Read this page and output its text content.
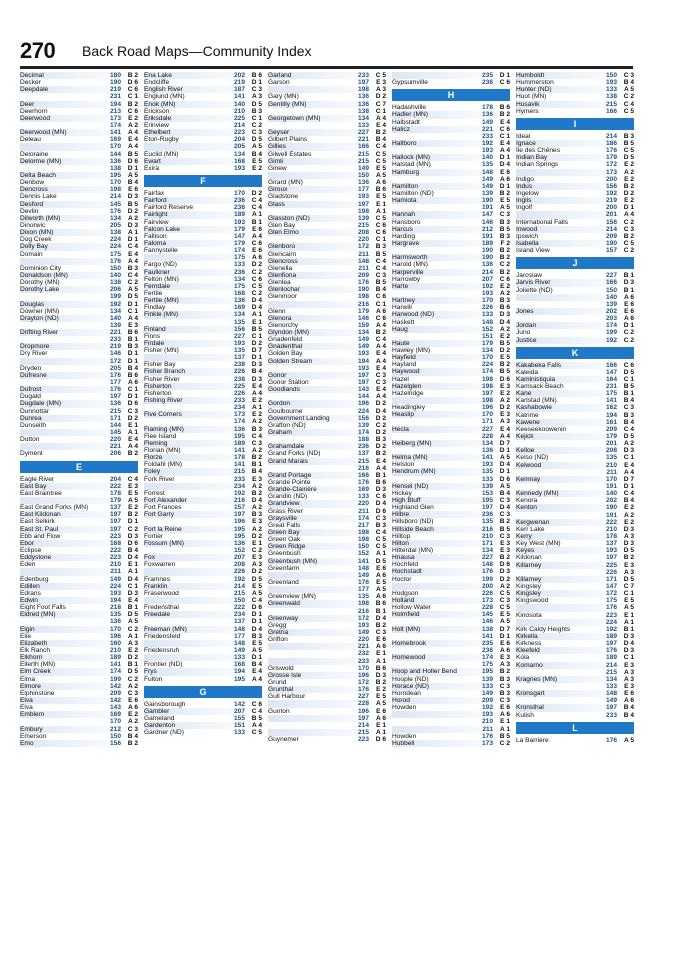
270 Back Road Maps—Community Index
Decimal	180	B 2
Decker	190	D 6
Deepdale	219	C 6
231	C 1
Deer	194	B 2
Deerhorn	213	C 6
Deerwood	173	E 2
174	A 2
Deerwood (MN)	141	A 4
Deleau	169	E 4
170	A 4
Deloraine	144	B 5
Delorme (MN)	136	D 6
138	D 1
Delta Beach	195	A 5
Denbow	170	B 4
Dencross	198	E 6
Dennis Lake	214	D 3
Desford	145	B 5
Devlin	176	D 2
Dilworth (MN)	134	A 2
Dinorwic	205	D 3
Dixon (MN)	138	A 1
Dog Creek	224	D 1
Dolly Bay	224	C 4
Domain	175	E 4
176	A 4
Dominion City	150	B 3
Donaldson (MN)	140	C 4
Dorothy (MN)	138	C 2
Dorothy Lake	206	A 5
199	D 5
Douglas	192	D 1
Downer (MN)	134	C 1
Drayton (ND)	140	A 4
139	E 3
Drifting River	221	B 6
233	B 1
Dropmore	219	B 3
Dry River	146	D 1
172	D 1
Dryden	205	B 4
Dufresne	176	B 6
177	A 6
Dufrost	176	C 1
Dugald	197	D 1
Dugdale (MN)	136	D 6
Dunnottar	215	C 3
Dunrea	171	D 2
Dunseith	144	E 1
145	A 1
Dutton	220	E 4
221	A 4
Dyment	206	B 2
E
Eagle River	204	C 4
East Bay	222	E 3
East Braintree	178	E 5
179	A 5
East Grand Forks (MN)	137	E 2
East Kildonan	197	B 2
East Selkirk	197	D 1
East St. Paul	197	C 2
Ebb and Flow	223	D 3
Ebor	168	D 6
Eclipse	222	B 4
Eddystone	223	D 4
Eden	210	E 1
211	A 1
Edenburg	149	D 4
Edillen	224	C 1
Edrans	193	D 3
Edwin	194	E 4
Eight Foot Falls	218	B 1
Eldred (MN)	135	D 5
136	A 5
Elgin	170	C 2
Elie	196	A 1
Elizabeth	160	A 3
Elk Ranch	210	E 2
Elkhorn	189	D 2
Ellerth (MN)	141	B 1
Elm Creek	174	D 5
Elma	199	C 2
Elmore	142	A 2
Elphinstone	209	C 3
Elva	142	E 6
Elva	143	A 6
Emblem	169	E 2
170	A 2
Embury	212	C 3
Emerson	150	B 4
Emo	156	B 2
Ena Lake	202	B 6
Endcliffe	219	D 1
English River	187	C 3
Englund (MN)	141	A 3
Enok (MN)	140	D 5
Erickson	210	B 3
Eriksdale	225	C 1
Erinview	214	C 2
Ethelbert	223	C 3
Eton-Rugby	204	D 5
205	A 5
Euclid (MN)	134	B 4
Ewart	168	E 5
Exira	193	E 2
F
Fairfax	170	D 2
Fairford	236	C 4
Fairford Reserve	236	C 4
Fairlight	189	A 1
Fairview	193	B 1
Falcon Lake	179	E 6
Fallison	147	A 4
Faloma	179	C 6
Fannystelle	174	E 6
175	A 6
Fargo (ND)	133	D 2
Faulkner	236	C 2
Felton (MN)	134	C 6
Ferndale	175	C 5
Fertile	168	C 2
Fertile (MN)	136	D 4
Findlay	169	D 4
Finkle (MN)	134	A 1
135	E 1
Finland	156	B 5
Finns	227	C 1
Firdale	193	D 2
Fisher (MN)	135	D 7
137	D 1
Fisher Bay	238	D 3
Fisher Branch	226	B 4
Fisher River	238	D 3
Fisherton	225	E 4
Fisherton	226	A 4
Fishing River	233	E 2
234	A 1
Five Corners	173	E 2
174	A 2
Flaming (MN)	136	B 3
Flee Island	195	C 4
Fleming	189	C 3
Florian (MN)	141	A 2
Florze	178	B 2
Foldahl (MN)	141	B 1
Foley	215	B 4
Fork River	233	E 3
234	A 2
Forrest	192	B 2
Fort Alexander	216	D 4
Fort Frances	157	A 2
Fort Garry	197	B 3
196	E 3
Fort la Reine	195	A 2
Fortier	195	D 2
Fossum (MN)	136	E 1
152	C 2
Fox	207	E 3
Foxwarren	208	A 3
226	D 2
Framnes	192	D 5
Franklin	214	E 5
Fraserwood	215	A 5
150	C 4
Fredensthal	222	D 6
Freedale	234	D 1
137	D 1
Freeman (MN)	148	D 4
Friedensfeld	177	B 3
148	E 5
Friedensruh	149	A 5
133	D 1
Frontier (ND)	168	B 4
Frys	194	E 4
Fulton	195	A 4
G
Gainsborough	142	C 6
Gambler	207	C 4
Gameland	155	B 5
Gardenton	151	A 4
Gardner (ND)	133	C 5
Garland	233	C 5
Garson	197	E 3
198	A 3
Gary (MN)	136	D 2
Gentilly (MN)	136	C 7
138	C 1
Georgetown (MN)	134	A 4
133	E 4
Geyser	227	B 2
Gilbert Plains	221	B 4
Gillies	166	C 4
Gilwell Estates	215	C 5
Gimli	215	C 5
Ginew	149	E 5
150	A 5
Girard (MN)	136	A 6
Giroux	177	B 6
Gladstone	193	E 5
Glass	197	E 1
198	A 1
Glasston (ND)	139	C 5
Glen Bay	215	C 6
Glen Elmo	208	C 6
220	C 1
Glenboro	172	B 3
Glencairn	211	B 5
Glencross	148	C 4
Glenella	211	C 4
Glenfiona	209	C 3
Glenlea	176	B 5
Glenlochar	190	B 4
Glenmoor	198	C 6
216	C 1
Glenn	179	A 6
Glenora	146	C 6
Glenorchy	159	A 4
Glyndon (MN)	134	B 2
Gnadenfeld	149	C 4
Gnadenthal	149	A 4
Golden Bay	193	E 4
Golden Stream	194	A 4
193	E 4
Gonor	197	C 3
Gonor Station	197	C 3
Goodlands	143	E 4
144	A 4
Gordon	196	D 2
Goulbourne	224	D 4
Government Landing	156	D 2
Grafton (ND)	139	C 2
Graham	174	D 2
188	B 3
Grahamdale	236	D 2
Grand Forks (ND)	137	B 2
Grand Marais	215	E 4
216	A 4
Grand Portage	166	B 1
Grande Pointe	176	B 6
Grande-Clairière	169	D 3
Grandin (ND)	133	C 6
Grandview	220	D 4
Grass River	211	D 6
Graysville	174	C 3
Great Falls	217	B 3
Green Bay	198	C 4
Green Oak	198	C 5
Green Ridge	150	C 5
Greenbush	152	A 1
Greenbush (MN)	141	D 5
Greenfarm	148	E 6
149	A 6
Greenland	176	E 5
177	A 5
Greenview (MN)	135	A 6
Greenwald	198	B 6
216	B 1
Greenway	172	D 4
Gregg	193	B 2
Gretna	149	C 3
Grifton	220	E 6
221	A 6
232	E 1
233	A 1
Griswold	170	B 6
Grosse Isle	196	D 3
Grund	172	B 2
Grunthal	176	E 2
Gull Harbour	227	E 5
228	A 5
Gunton	196	E 6
197	A 6
214	E 1
215	A 1
Guynemer	223	D 6
235	D 1
Gypsumville	236	C 6
H
Hadashville	178	B 6
Hadler (MN)	136	B 2
Halbstadt	149	E 4
Halicz	221	C 6
233	C 1
Hallboro	192	E 4
193	A 4
Hallock (MN)	140	D 1
Halstad (MN)	135	D 4
Hamburg	148	E 6
149	A 6
Hamilton	149	D 1
Hamilton (ND)	139	B 2
Hamiota	190	E 5
191	A 5
Hannah	147	C 3
Hansboro	146	B 3
Harcus	212	B 5
Harding	191	B 3
Hargrave	189	F 2
190	B 2
Harmsworth	190	B 2
Harold (MN)	136	C 2
Harperville	214	B 2
Harrowby	207	C 6
Harte	192	E 2
193	A 2
Hartney	170	B 3
Harwill	226	B 6
Harwood (ND)	133	D 3
Haskett	148	D 4
Haug	152	A 2
151	E 2
Haute	179	B 5
Hawley (MN)	134	D 2
Hayfield	170	E 5
Hayland	224	B 2
Haywood	174	B 5
Hazel	198	D 6
Hazelglen	198	E 3
Hazelridge	197	E 2
198	A 2
Headingley	196	D 2
Heaslip	170	E 3
171	A 3
Hecla	227	E 4
228	A 4
Heiberg (MN)	134	D 7
136	D 1
Helma (MN)	141	A 5
Helston	193	D 4
Hendrum (MN)	135	D 1
133	D 6
Hensel (ND)	139	A 5
Hickey	153	B 4
High Bluff	195	C 3
Highland Glen	197	D 4
Hilbre	236	C 3
Hillsboro (ND)	135	B 2
Hillside Beach	216	B 5
Hilltop	210	C 3
Hilton	171	E 3
Hitterdal (MN)	134	E 3
Hnausa	227	B 2
Hochfeld	148	D 6
Hochstadt	176	D 3
Hoctor	199	D 2
200	A 2
Hodgson	226	C 5
Holland	173	C 3
Hollow Water	228	C 5
Holmfield	145	E 5
146	A 5
Holt (MN)	138	D 7
141	D 1
Homebrook	235	E 6
236	A 6
Homewood	174	E 3
175	A 3
Hoop and Holler Bend	195	B 2
Hoople (ND)	139	B 3
Horace (ND)	133	C 3
Horndean	149	B 3
Horod	209	C 3
Howden	192	E 6
193	A 6
210	E 1
211	A 1
Howden	176	B 5
Hubbell	173	C 2
Humboldt	150	C 3
Hummerston	193	B 4
Hunter (ND)	133	A 5
Huot (MN)	138	C 2
Husavik	215	C 4
Hymers	166	C 5
I
Ideal	214	B 3
Ignace	186	B 5
Île des Chênes	176	C 5
Indian Bay	179	D 5
Indian Springs	172	E 2
173	A 2
Indigo	200	E 2
Indus	156	B 2
Ingelow	192	D 2
Inglis	219	E 2
Ingolf	200	D 1
201	A 4
International Falls	156	C 2
Inwood	214	C 3
Ipswich	209	B 2
Isabella	190	C 5
Island View	157	C 2
J
Jaroslaw	227	B 1
Jarvis River	166	D 3
Joliette (ND)	150	B 1
140	A 6
139	E 6
Jones	202	E 6
203	A 6
Jordan	174	D 1
Juno	199	C 2
Justice	192	C 2
K
Kakabeka Falls	166	C 6
Kaleida	147	D 5
Kaministiquia	164	C 1
Kamsack Beach	231	B 5
Kane	175	B 1
Karlstad (MN)	141	B 4
Kashabowie	162	C 3
Katrime	194	B 3
Kawene	161	B 4
Keeseekoowenin	209	C 4
Kejick	179	D 5
201	A 2
Kelloe	208	D 3
Kelso (ND)	135	C 1
Kelwood	210	E 4
211	A 4
Kemnay	170	D 7
191	D 1
Kennedy (MN)	140	C 4
Kenora	202	B 4
Kenton	190	E 2
191	A 2
Kergwenan	222	E 2
Kerr Lake	210	D 3
Kerry	178	A 3
Key West (MN)	137	D 3
Keyes	193	D 5
Kildonan	197	B 2
Killarney	225	E 3
226	A 3
Killarney	171	D 5
Kingsley	147	C 7
Kingsley	172	C 1
Kingswood	175	E 5
176	A 5
Kinosota	223	E 1
224	A 1
Kirk Caldy Heights	192	B 1
Kirkella	189	D 3
Kirkness	197	D 4
Kleefeld	176	D 3
Kola	189	C 1
Komarno	214	E 3
215	A 3
Kragnes (MN)	134	A 3
133	E 3
Kronsgart	148	E 6
149	A 6
Kronsthal	197	B 4
Kulish	233	B 4
L
La Barrière	176	A 5
